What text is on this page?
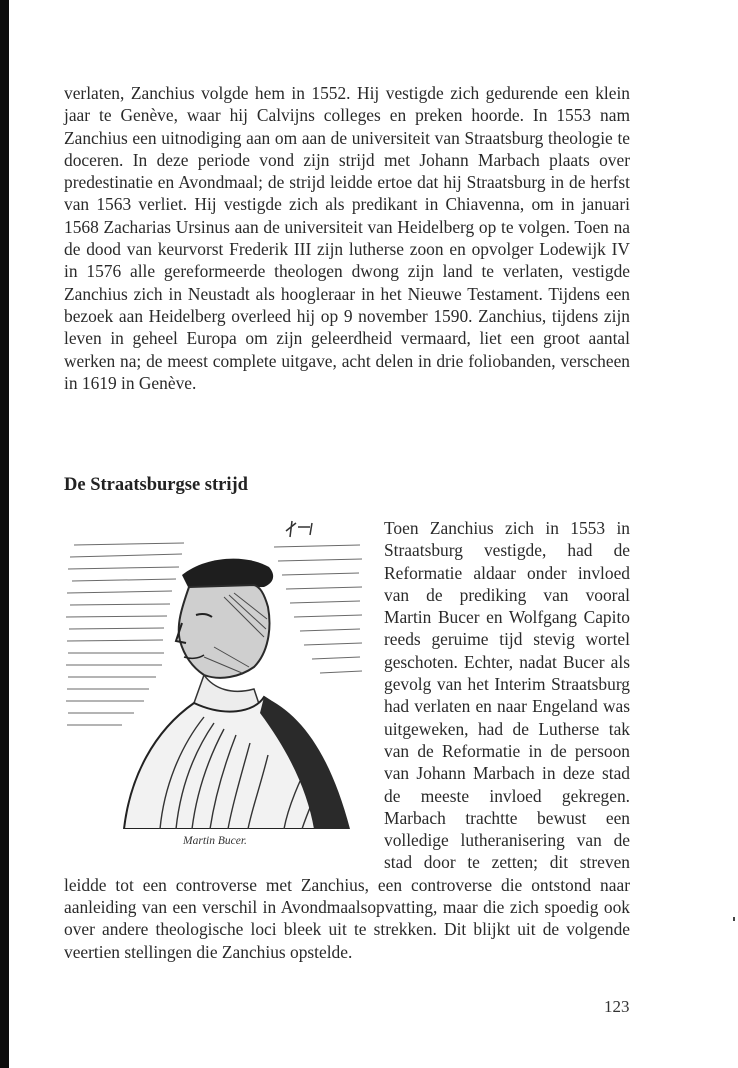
verlaten, Zanchius volgde hem in 1552. Hij vestigde zich gedurende een klein jaar te Genève, waar hij Calvijns colleges en preken hoorde. In 1553 nam Zanchius een uitnodiging aan om aan de universiteit van Straatsburg theologie te doceren. In deze periode vond zijn strijd met Johann Marbach plaats over predestinatie en Avondmaal; de strijd leidde ertoe dat hij Straatsburg in de herfst van 1563 verliet. Hij vestigde zich als predikant in Chiavenna, om in januari 1568 Zacharias Ursinus aan de universiteit van Heidelberg op te volgen. Toen na de dood van keurvorst Frederik III zijn lutherse zoon en opvolger Lodewijk IV in 1576 alle gereformeerde theologen dwong zijn land te verlaten, vestigde Zanchius zich in Neustadt als hoogleraar in het Nieuwe Testament. Tijdens een bezoek aan Heidelberg overleed hij op 9 november 1590. Zanchius, tijdens zijn leven in geheel Europa om zijn geleerdheid vermaard, liet een groot aantal werken na; de meest complete uitgave, acht delen in drie foliobanden, verscheen in 1619 in Genève.

De Straatsburgse strijd
Martin Bucer.

Toen Zanchius zich in 1553 in Straatsburg vestigde, had de Reformatie aldaar onder invloed van de prediking van vooral Martin Bucer en Wolfgang Capito reeds geruime tijd stevig wortel geschoten. Echter, nadat Bucer als gevolg van het Interim Straatsburg had verlaten en naar Engeland was uitgeweken, had de Lutherse tak van de Reformatie in de persoon van Johann Marbach in deze stad de meeste invloed gekregen. Marbach trachtte bewust een volledige lutheranisering van de stad door te zetten; dit streven leidde tot een controverse met Zanchius, een controverse die ontstond naar aanleiding van een verschil in Avondmaalsopvatting, maar die zich spoedig ook over andere theologische loci bleek uit te strekken. Dit blijkt uit de volgende veertien stellingen die Zanchius opstelde.

123
